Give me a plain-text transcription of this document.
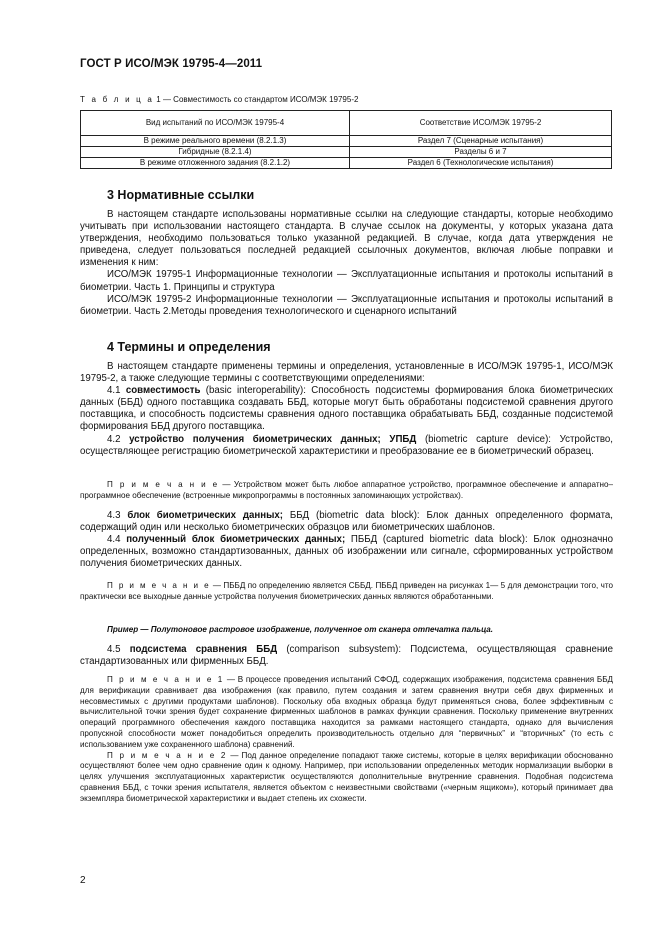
ГОСТ Р ИСО/МЭК 19795-4—2011
Т а б л и ц а 1 — Совместимость со стандартом ИСО/МЭК 19795-2
Вид испытаний по ИСО/МЭК 19795-4	Соответствие ИСО/МЭК 19795-2
В режиме реального времени (8.2.1.3)	Раздел 7 (Сценарные испытания)
Гибридные (8.2.1.4)	Разделы 6 и 7
В режиме отложенного задания (8.2.1.2)	Раздел 6 (Технологические испытания)
3 Нормативные ссылки

В настоящем стандарте использованы нормативные ссылки на следующие стандарты, которые необходимо учитывать при использовании настоящего стандарта. В случае ссылок на документы, у которых указана дата утверждения, необходимо пользоваться только указанной редакцией. В случае, когда дата утверждения не приведена, следует пользоваться последней редакцией ссылочных документов, включая любые поправки и изменения к ним:

ИСО/МЭК 19795-1 Информационные технологии — Эксплуатационные испытания и протоколы испытаний в биометрии. Часть 1. Принципы и структура

ИСО/МЭК 19795-2 Информационные технологии — Эксплуатационные испытания и протоколы испытаний в биометрии. Часть 2.Методы проведения технологического и сценарного испытаний

4 Термины и определения

В настоящем стандарте применены термины и определения, установленные в ИСО/МЭК 19795-1, ИСО/МЭК 19795-2, а также следующие термины с соответствующими определениями:

4.1 совместимость (basic interoperability): Способность подсистемы формирования блока биометрических данных (ББД) одного поставщика создавать ББД, которые могут быть обработаны подсистемой сравнения другого поставщика, и способность подсистемы сравнения одного поставщика обрабатывать ББД, созданные подсистемой формирования ББД другого поставщика.

4.2 устройство получения биометрических данных; УПБД (biometric capture device): Устройство, осуществляющее регистрацию биометрической характеристики и преобразование ее в биометрический образец.

П р и м е ч а н и е — Устройством может быть любое аппаратное устройство, программное обеспечение и аппаратно–программное обеспечение (встроенные микропрограммы в постоянных запоминающих устройствах).

4.3 блок биометрических данных; ББД (biometric data block): Блок данных определенного формата, содержащий один или несколько биометрических образцов или биометрических шаблонов.

4.4 полученный блок биометрических данных; ПББД (captured biometric data block): Блок однозначно определенных, возможно стандартизованных, данных об изображении или сигнале, сформированных устройством получения биометрических данных.

П р и м е ч а н и е — ПББД по определению является СББД. ПББД приведен на рисунках 1— 5 для демонстрации того, что практически все выходные данные устройства получения биометрических данных являются обработанными.

Пример — Полутоновое растровое изображение, полученное от сканера отпечатка пальца.

4.5 подсистема сравнения ББД (comparison subsystem): Подсистема, осуществляющая сравнение стандартизованных или фирменных ББД.

П р и м е ч а н и е 1 — В процессе проведения испытаний СФОД, содержащих изображения, подсистема сравнения ББД для верификации сравнивает два изображения (как правило, путем создания и затем сравнения внутри себя двух фирменных и несовместимых с другими продуктами шаблонов). Поскольку оба входных образца будут применяться снова, более эффективным с вычислительной точки зрения будет сохранение фирменных шаблонов в рамках функции сравнения. Поскольку применение внутренних операций программного обеспечения каждого поставщика находится за рамками настоящего стандарта, однако для вычисления пропускной способности может понадобиться определить производительность отдельно для “первичных” и “вторичных” (то есть с использованием уже сохраненного шаблона) сравнений.

П р и м е ч а н и е 2 — Под данное определение попадают также системы, которые в целях верификации обоснованно осуществляют более чем одно сравнение один к одному. Например, при использовании определенных методик нормализации выборки в целях улучшения эксплуатационных характеристик осуществляются дополнительные внутренние сравнения. Подобная подсистема сравнения ББД, с точки зрения испытателя, является объектом с неизвестными свойствами («черным ящиком»), который принимает два экземпляра биометрической характеристики и выдает степень их схожести.

2
